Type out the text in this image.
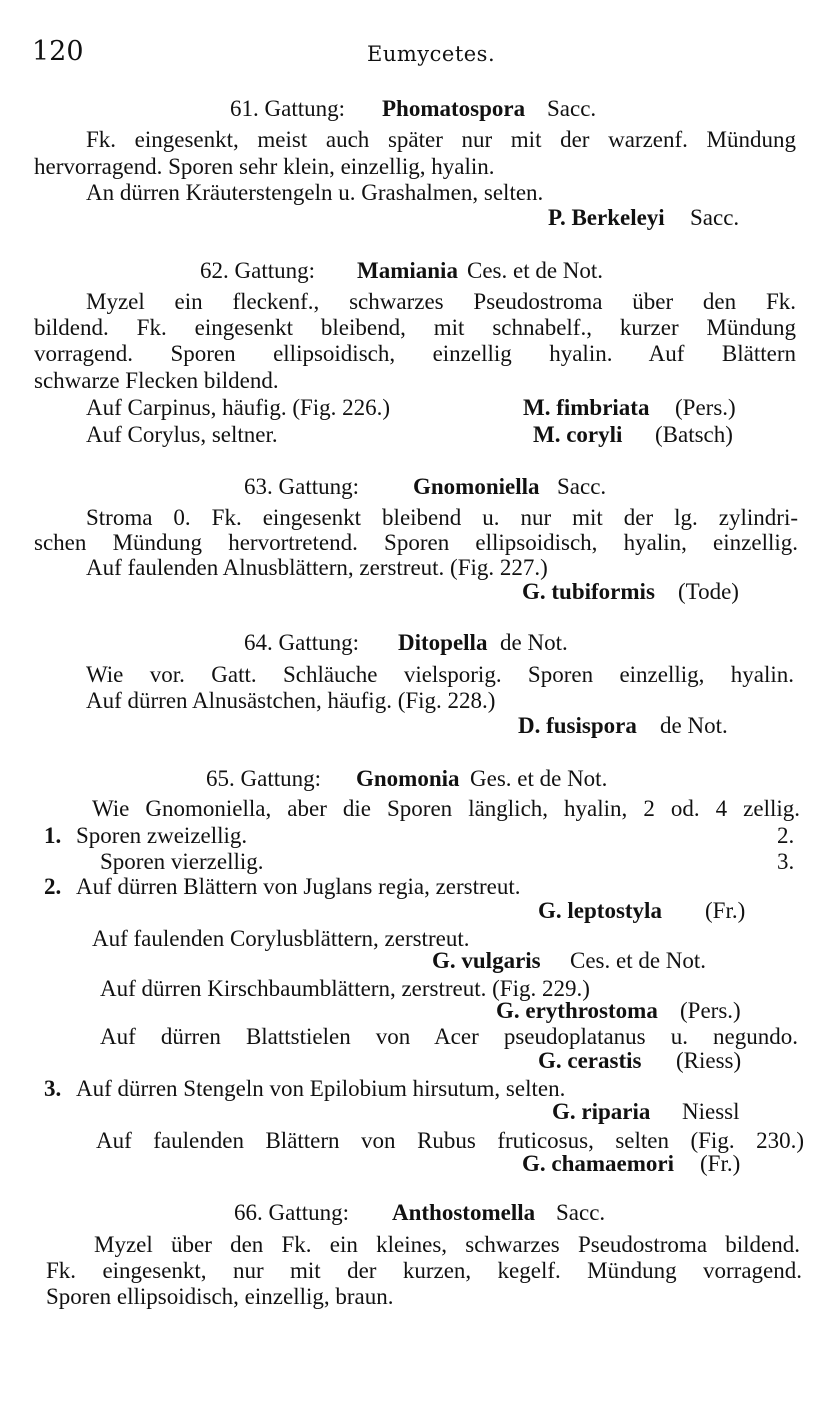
120	Eumycetes.
61. Gattung: Phomatospora Sacc.
Fk. eingesenkt, meist auch später nur mit der warzenf. Mündung
hervorragend. Sporen sehr klein, einzellig, hyalin.
An dürren Kräuterstengeln u. Grashalmen, selten.
P. Berkeleyi Sacc.
62. Gattung: Mamiania Ces. et de Not.
Myzel ein fleckenf., schwarzes Pseudostroma über den Fk.
bildend. Fk. eingesenkt bleibend, mit schnabelf., kurzer Mündung
vorragend. Sporen ellipsoidisch, einzellig hyalin. Auf Blättern
schwarze Flecken bildend.
Auf Carpinus, häufig. (Fig. 226.)	M. fimbriata (Pers.)
Auf Corylus, seltner.	M. coryli (Batsch)
63. Gattung: Gnomoniella Sacc.
Stroma 0. Fk. eingesenkt bleibend u. nur mit der lg. zylindri-
schen Mündung hervortretend. Sporen ellipsoidisch, hyalin, einzellig.
Auf faulenden Alnusblättern, zerstreut. (Fig. 227.)
G. tubiformis (Tode)
64. Gattung: Ditopella de Not.
Wie vor. Gatt. Schläuche vielsporig. Sporen einzellig, hyalin.
Auf dürren Alnusästchen, häufig. (Fig. 228.)
D. fusispora de Not.
65. Gattung: Gnomonia Ges. et de Not.
Wie Gnomoniella, aber die Sporen länglich, hyalin, 2 od. 4 zellig.
1. Sporen zweizellig.	2.
Sporen vierzellig.	3.
2. Auf dürren Blättern von Juglans regia, zerstreut.
G. leptostyla (Fr.)
Auf faulenden Corylusblättern, zerstreut.
G. vulgaris Ces. et de Not.
Auf dürren Kirschbaumblättern, zerstreut. (Fig. 229.)
G. erythrostoma (Pers.)
Auf dürren Blattstielen von Acer pseudoplatanus u. negundo.
G. cerastis (Riess)
3. Auf dürren Stengeln von Epilobium hirsutum, selten.
G. riparia Niessl
Auf faulenden Blättern von Rubus fruticosus, selten (Fig. 230.)
G. chamaemori (Fr.)
66. Gattung: Anthostomella Sacc.
Myzel über den Fk. ein kleines, schwarzes Pseudostroma bildend.
Fk. eingesenkt, nur mit der kurzen, kegelf. Mündung vorragend.
Sporen ellipsoidisch, einzellig, braun.
